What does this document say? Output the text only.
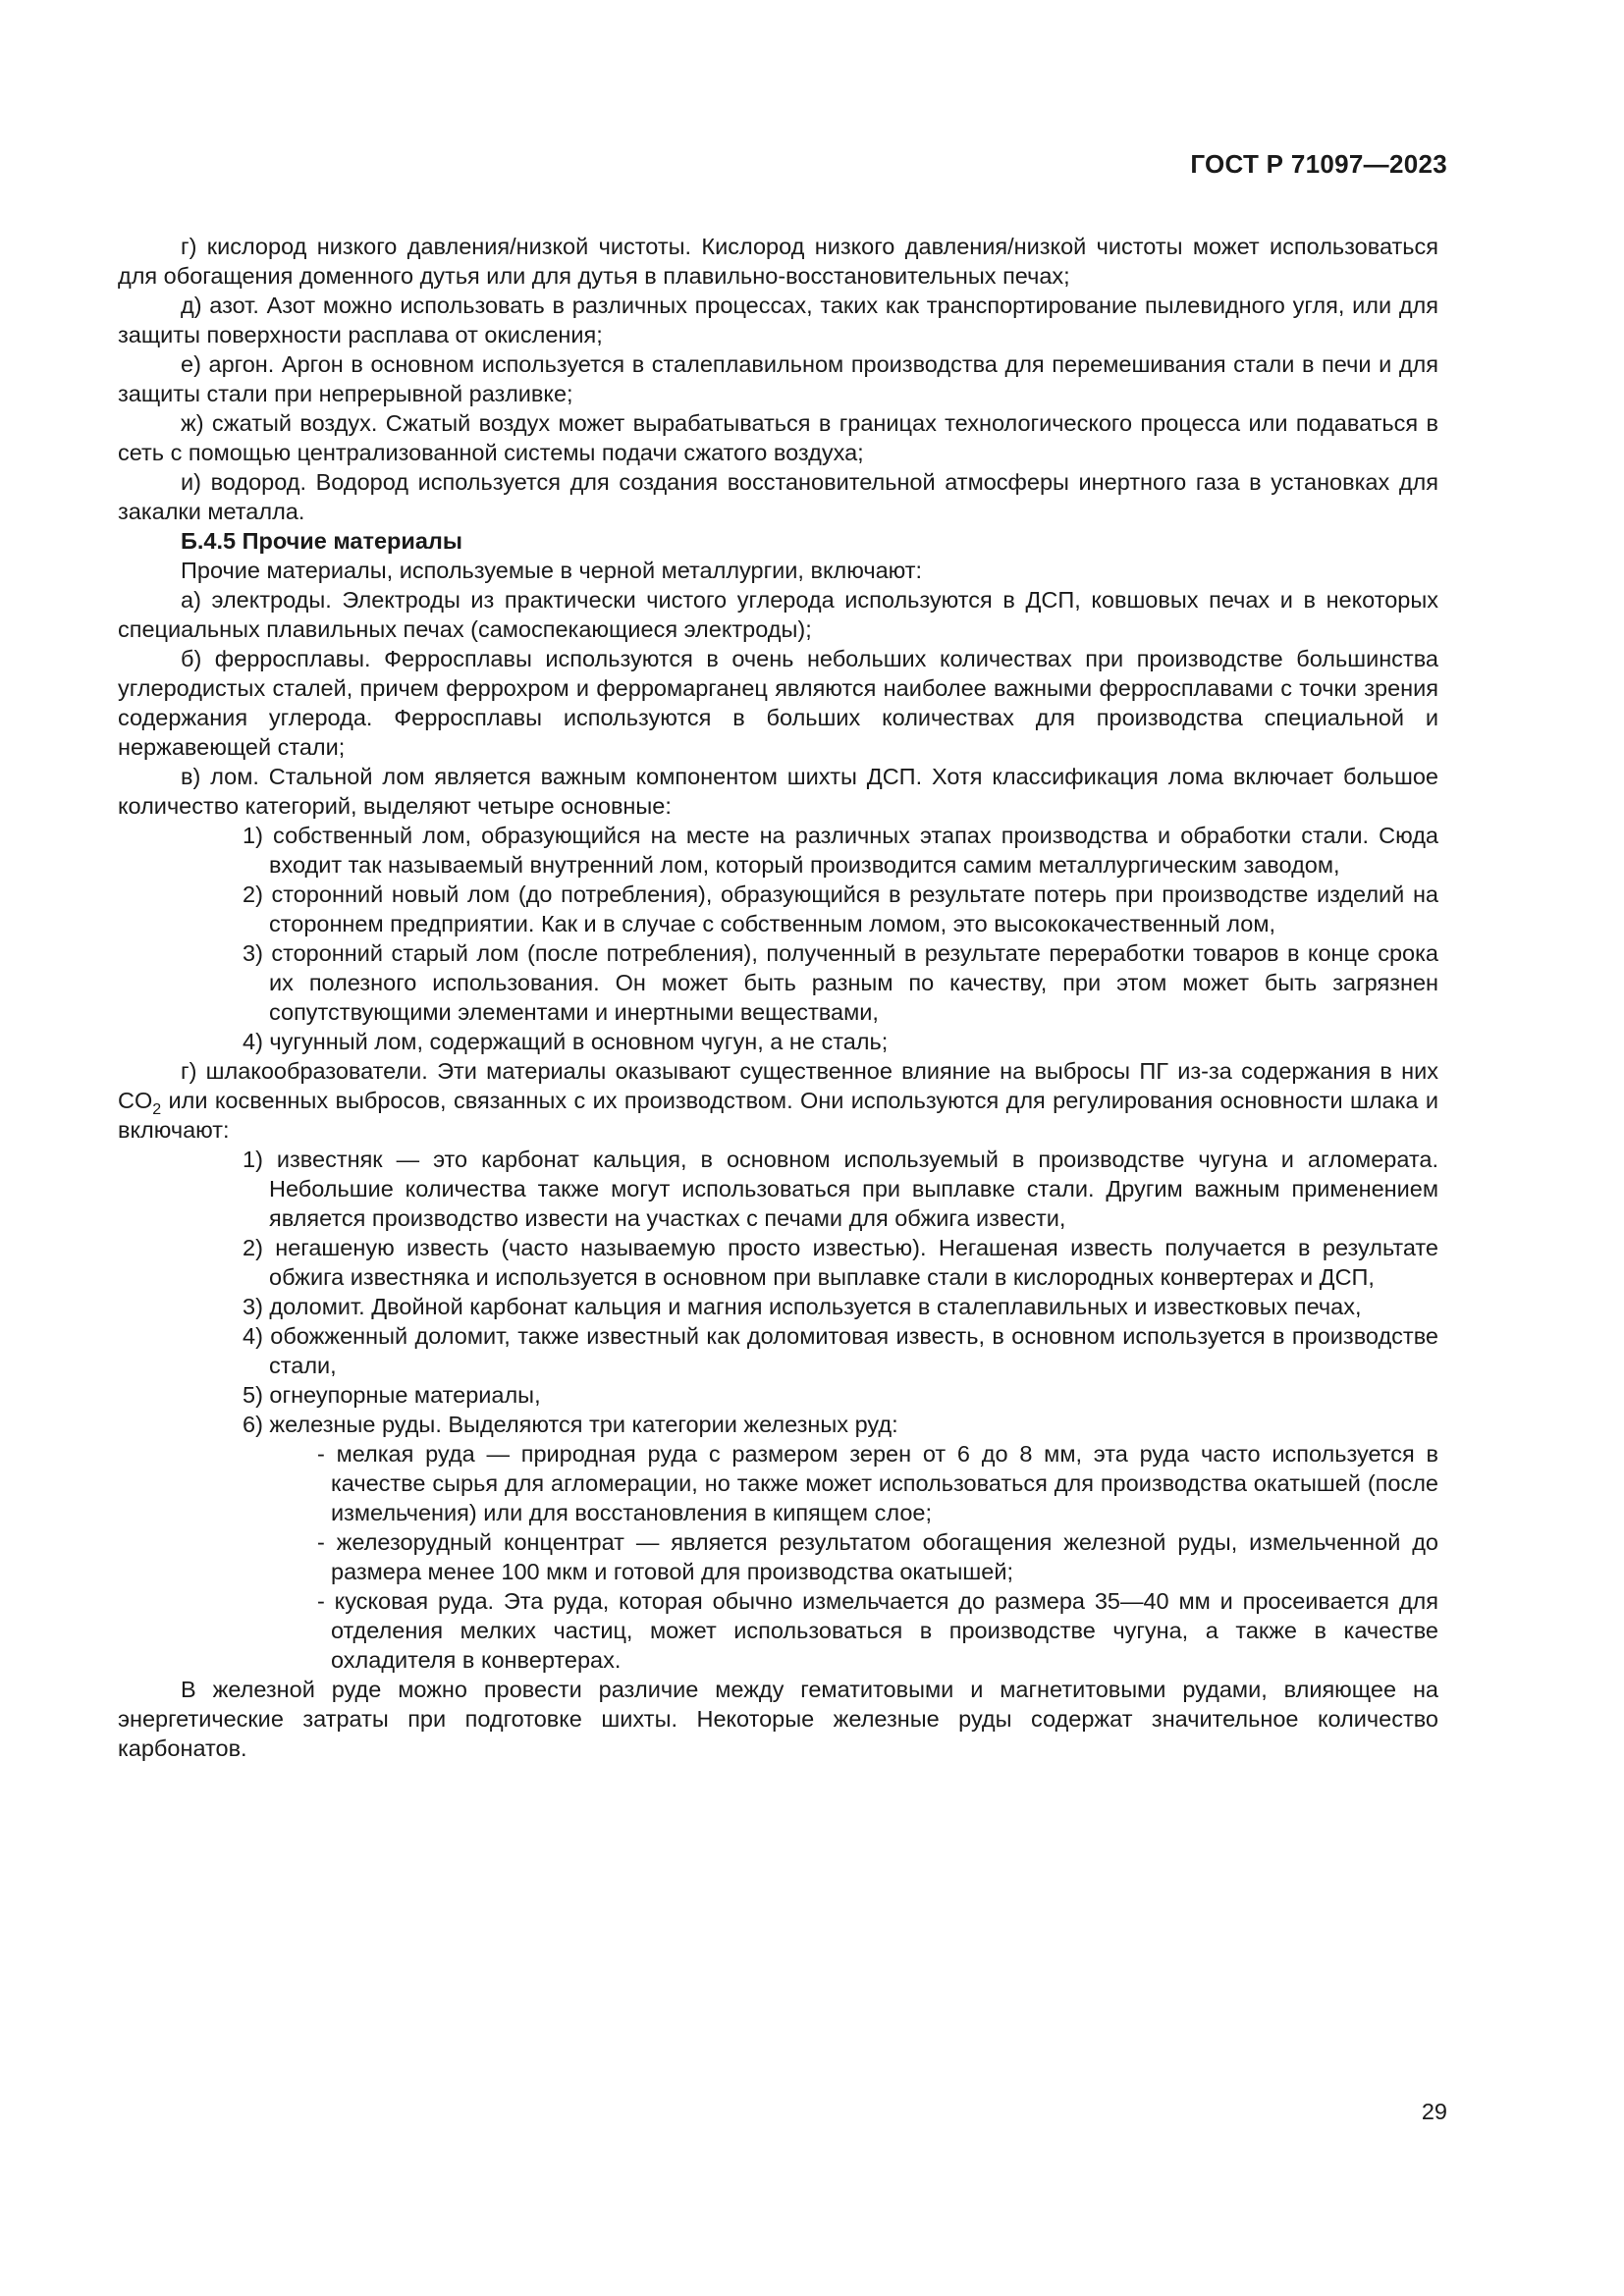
ГОСТ Р 71097—2023

г) кислород низкого давления/низкой чистоты. Кислород низкого давления/низкой чистоты может использоваться для обогащения доменного дутья или для дутья в плавильно-восстановительных печах;

д) азот. Азот можно использовать в различных процессах, таких как транспортирование пылевидного угля, или для защиты поверхности расплава от окисления;

е) аргон. Аргон в основном используется в сталеплавильном производства для перемешивания стали в печи и для защиты стали при непрерывной разливке;

ж) сжатый воздух. Сжатый воздух может вырабатываться в границах технологического процесса или подаваться в сеть с помощью централизованной системы подачи сжатого воздуха;

и) водород. Водород используется для создания восстановительной атмосферы инертного газа в установках для закалки металла.

Б.4.5 Прочие материалы

Прочие материалы, используемые в черной металлургии, включают:

а) электроды. Электроды из практически чистого углерода используются в ДСП, ковшовых печах и в некоторых специальных плавильных печах (самоспекающиеся электроды);

б) ферросплавы. Ферросплавы используются в очень небольших количествах при производстве большинства углеродистых сталей, причем феррохром и ферромарганец являются наиболее важными ферросплавами с точки зрения содержания углерода. Ферросплавы используются в больших количествах для производства специальной и нержавеющей стали;

в) лом. Стальной лом является важным компонентом шихты ДСП. Хотя классификация лома включает большое количество категорий, выделяют четыре основные:

1) собственный лом, образующийся на месте на различных этапах производства и обработки стали. Сюда входит так называемый внутренний лом, который производится самим металлургическим заводом,

2) сторонний новый лом (до потребления), образующийся в результате потерь при производстве изделий на стороннем предприятии. Как и в случае с собственным ломом, это высококачественный лом,

3) сторонний старый лом (после потребления), полученный в результате переработки товаров в конце срока их полезного использования. Он может быть разным по качеству, при этом может быть загрязнен сопутствующими элементами и инертными веществами,

4) чугунный лом, содержащий в основном чугун, а не сталь;

г) шлакообразователи. Эти материалы оказывают существенное влияние на выбросы ПГ из-за содержания в них $CO_2$ или косвенных выбросов, связанных с их производством. Они используются для регулирования основности шлака и включают:

1) известняк — это карбонат кальция, в основном используемый в производстве чугуна и агломерата. Небольшие количества также могут использоваться при выплавке стали. Другим важным применением является производство извести на участках с печами для обжига извести,

2) негашеную известь (часто называемую просто известью). Негашеная известь получается в результате обжига известняка и используется в основном при выплавке стали в кислородных конвертерах и ДСП,

3) доломит. Двойной карбонат кальция и магния используется в сталеплавильных и известковых печах,

4) обожженный доломит, также известный как доломитовая известь, в основном используется в производстве стали,

5) огнеупорные материалы,

6) железные руды. Выделяются три категории железных руд:

- мелкая руда — природная руда с размером зерен от 6 до 8 мм, эта руда часто используется в качестве сырья для агломерации, но также может использоваться для производства окатышей (после измельчения) или для восстановления в кипящем слое;

- железорудный концентрат — является результатом обогащения железной руды, измельченной до размера менее 100 мкм и готовой для производства окатышей;

- кусковая руда. Эта руда, которая обычно измельчается до размера 35—40 мм и просеивается для отделения мелких частиц, может использоваться в производстве чугуна, а также в качестве охладителя в конвертерах.

В железной руде можно провести различие между гематитовыми и магнетитовыми рудами, влияющее на энергетические затраты при подготовке шихты. Некоторые железные руды содержат значительное количество карбонатов.

29
